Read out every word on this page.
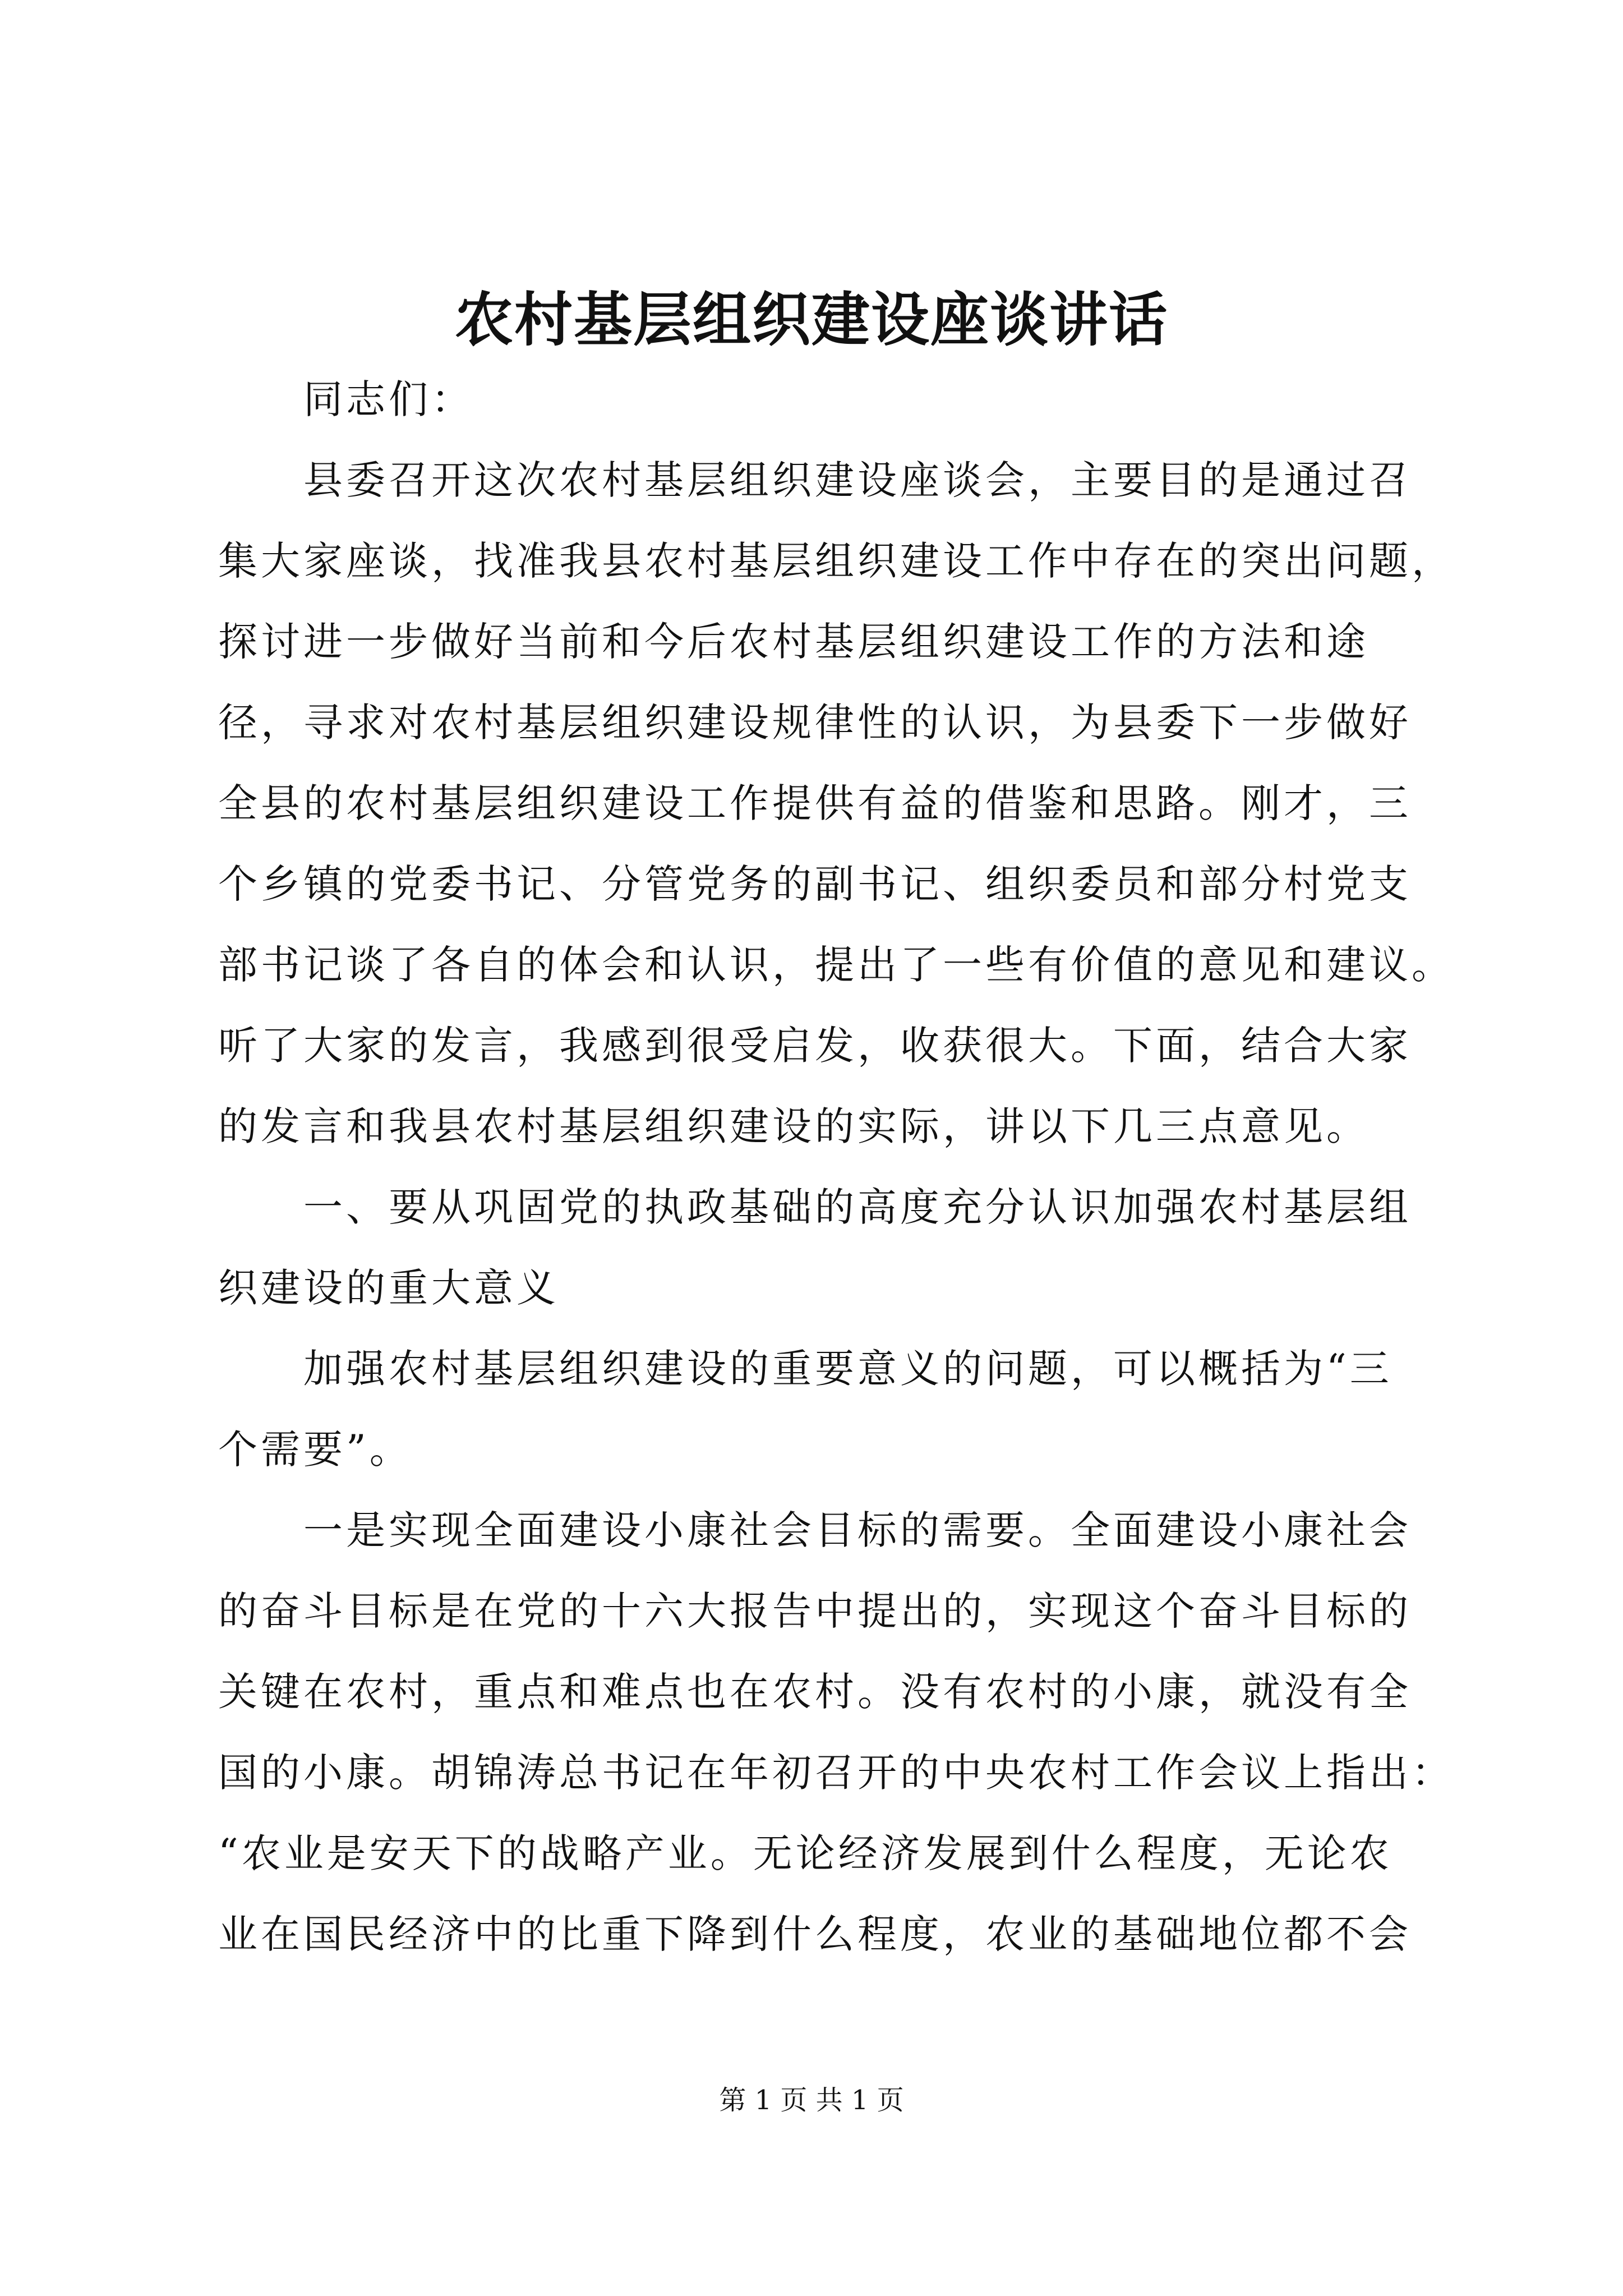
农村基层组织建设座谈讲话
同志们：
县委召开这次农村基层组织建设座谈会，主要目的是通过召
集大家座谈，找准我县农村基层组织建设工作中存在的突出问题，
探讨进一步做好当前和今后农村基层组织建设工作的方法和途
径，寻求对农村基层组织建设规律性的认识，为县委下一步做好
全县的农村基层组织建设工作提供有益的借鉴和思路。刚才，三
个乡镇的党委书记、分管党务的副书记、组织委员和部分村党支
部书记谈了各自的体会和认识，提出了一些有价值的意见和建议。
听了大家的发言，我感到很受启发，收获很大。下面，结合大家
的发言和我县农村基层组织建设的实际，讲以下几三点意见。
一、要从巩固党的执政基础的高度充分认识加强农村基层组
织建设的重大意义
加强农村基层组织建设的重要意义的问题，可以概括为“三
个需要”。
一是实现全面建设小康社会目标的需要。全面建设小康社会
的奋斗目标是在党的十六大报告中提出的，实现这个奋斗目标的
关键在农村，重点和难点也在农村。没有农村的小康，就没有全
国的小康。胡锦涛总书记在年初召开的中央农村工作会议上指出：
“农业是安天下的战略产业。无论经济发展到什么程度，无论农
业在国民经济中的比重下降到什么程度，农业的基础地位都不会
第 1 页 共 1 页
